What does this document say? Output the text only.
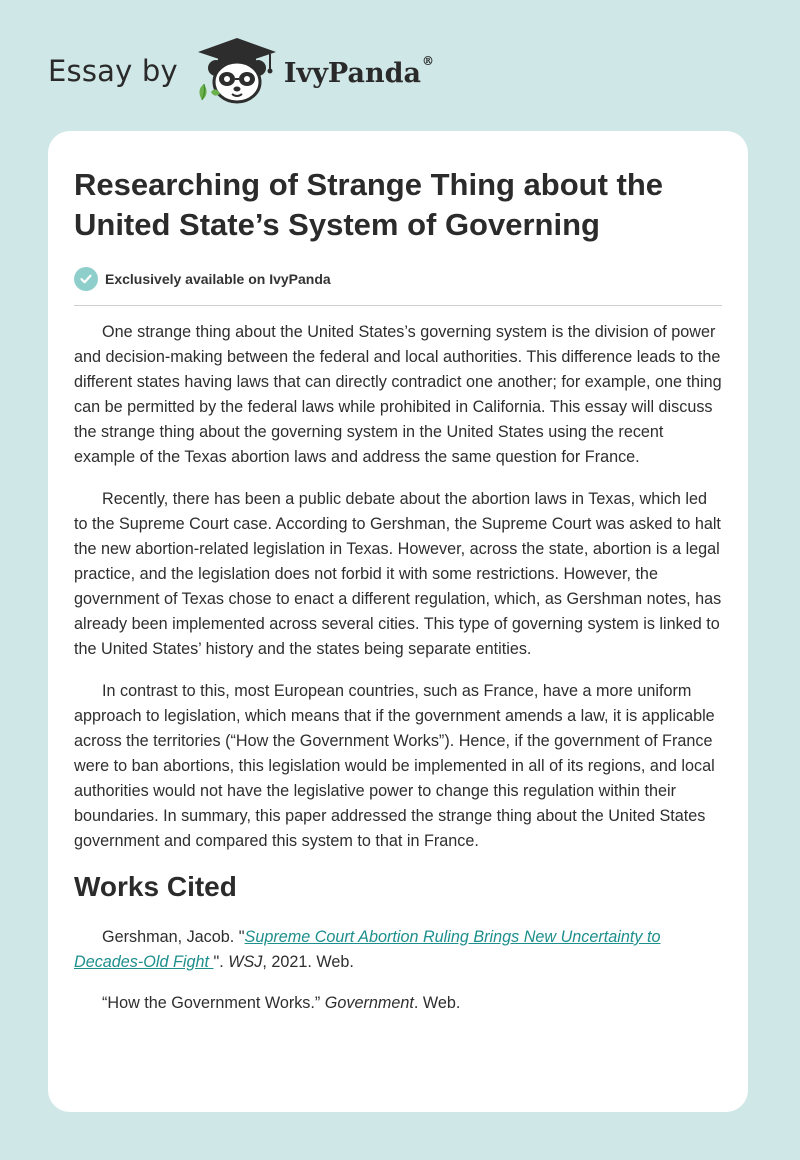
Essay by	IvyPanda®
Researching of Strange Thing about the United State’s System of Governing
Exclusively available on IvyPanda

One strange thing about the United States’s governing system is the division of power and decision-making between the federal and local authorities. This difference leads to the different states having laws that can directly contradict one another; for example, one thing can be permitted by the federal laws while prohibited in California. This essay will discuss the strange thing about the governing system in the United States using the recent example of the Texas abortion laws and address the same question for France.

Recently, there has been a public debate about the abortion laws in Texas, which led to the Supreme Court case. According to Gershman, the Supreme Court was asked to halt the new abortion-related legislation in Texas. However, across the state, abortion is a legal practice, and the legislation does not forbid it with some restrictions. However, the government of Texas chose to enact a different regulation, which, as Gershman notes, has already been implemented across several cities. This type of governing system is linked to the United States’ history and the states being separate entities.

In contrast to this, most European countries, such as France, have a more uniform approach to legislation, which means that if the government amends a law, it is applicable across the territories (“How the Government Works”). Hence, if the government of France were to ban abortions, this legislation would be implemented in all of its regions, and local authorities would not have the legislative power to change this regulation within their boundaries. In summary, this paper addressed the strange thing about the United States government and compared this system to that in France.

Works Cited

Gershman, Jacob. "Supreme Court Abortion Ruling Brings New Uncertainty to Decades-Old Fight ". WSJ, 2021. Web.

“How the Government Works.” Government. Web.
